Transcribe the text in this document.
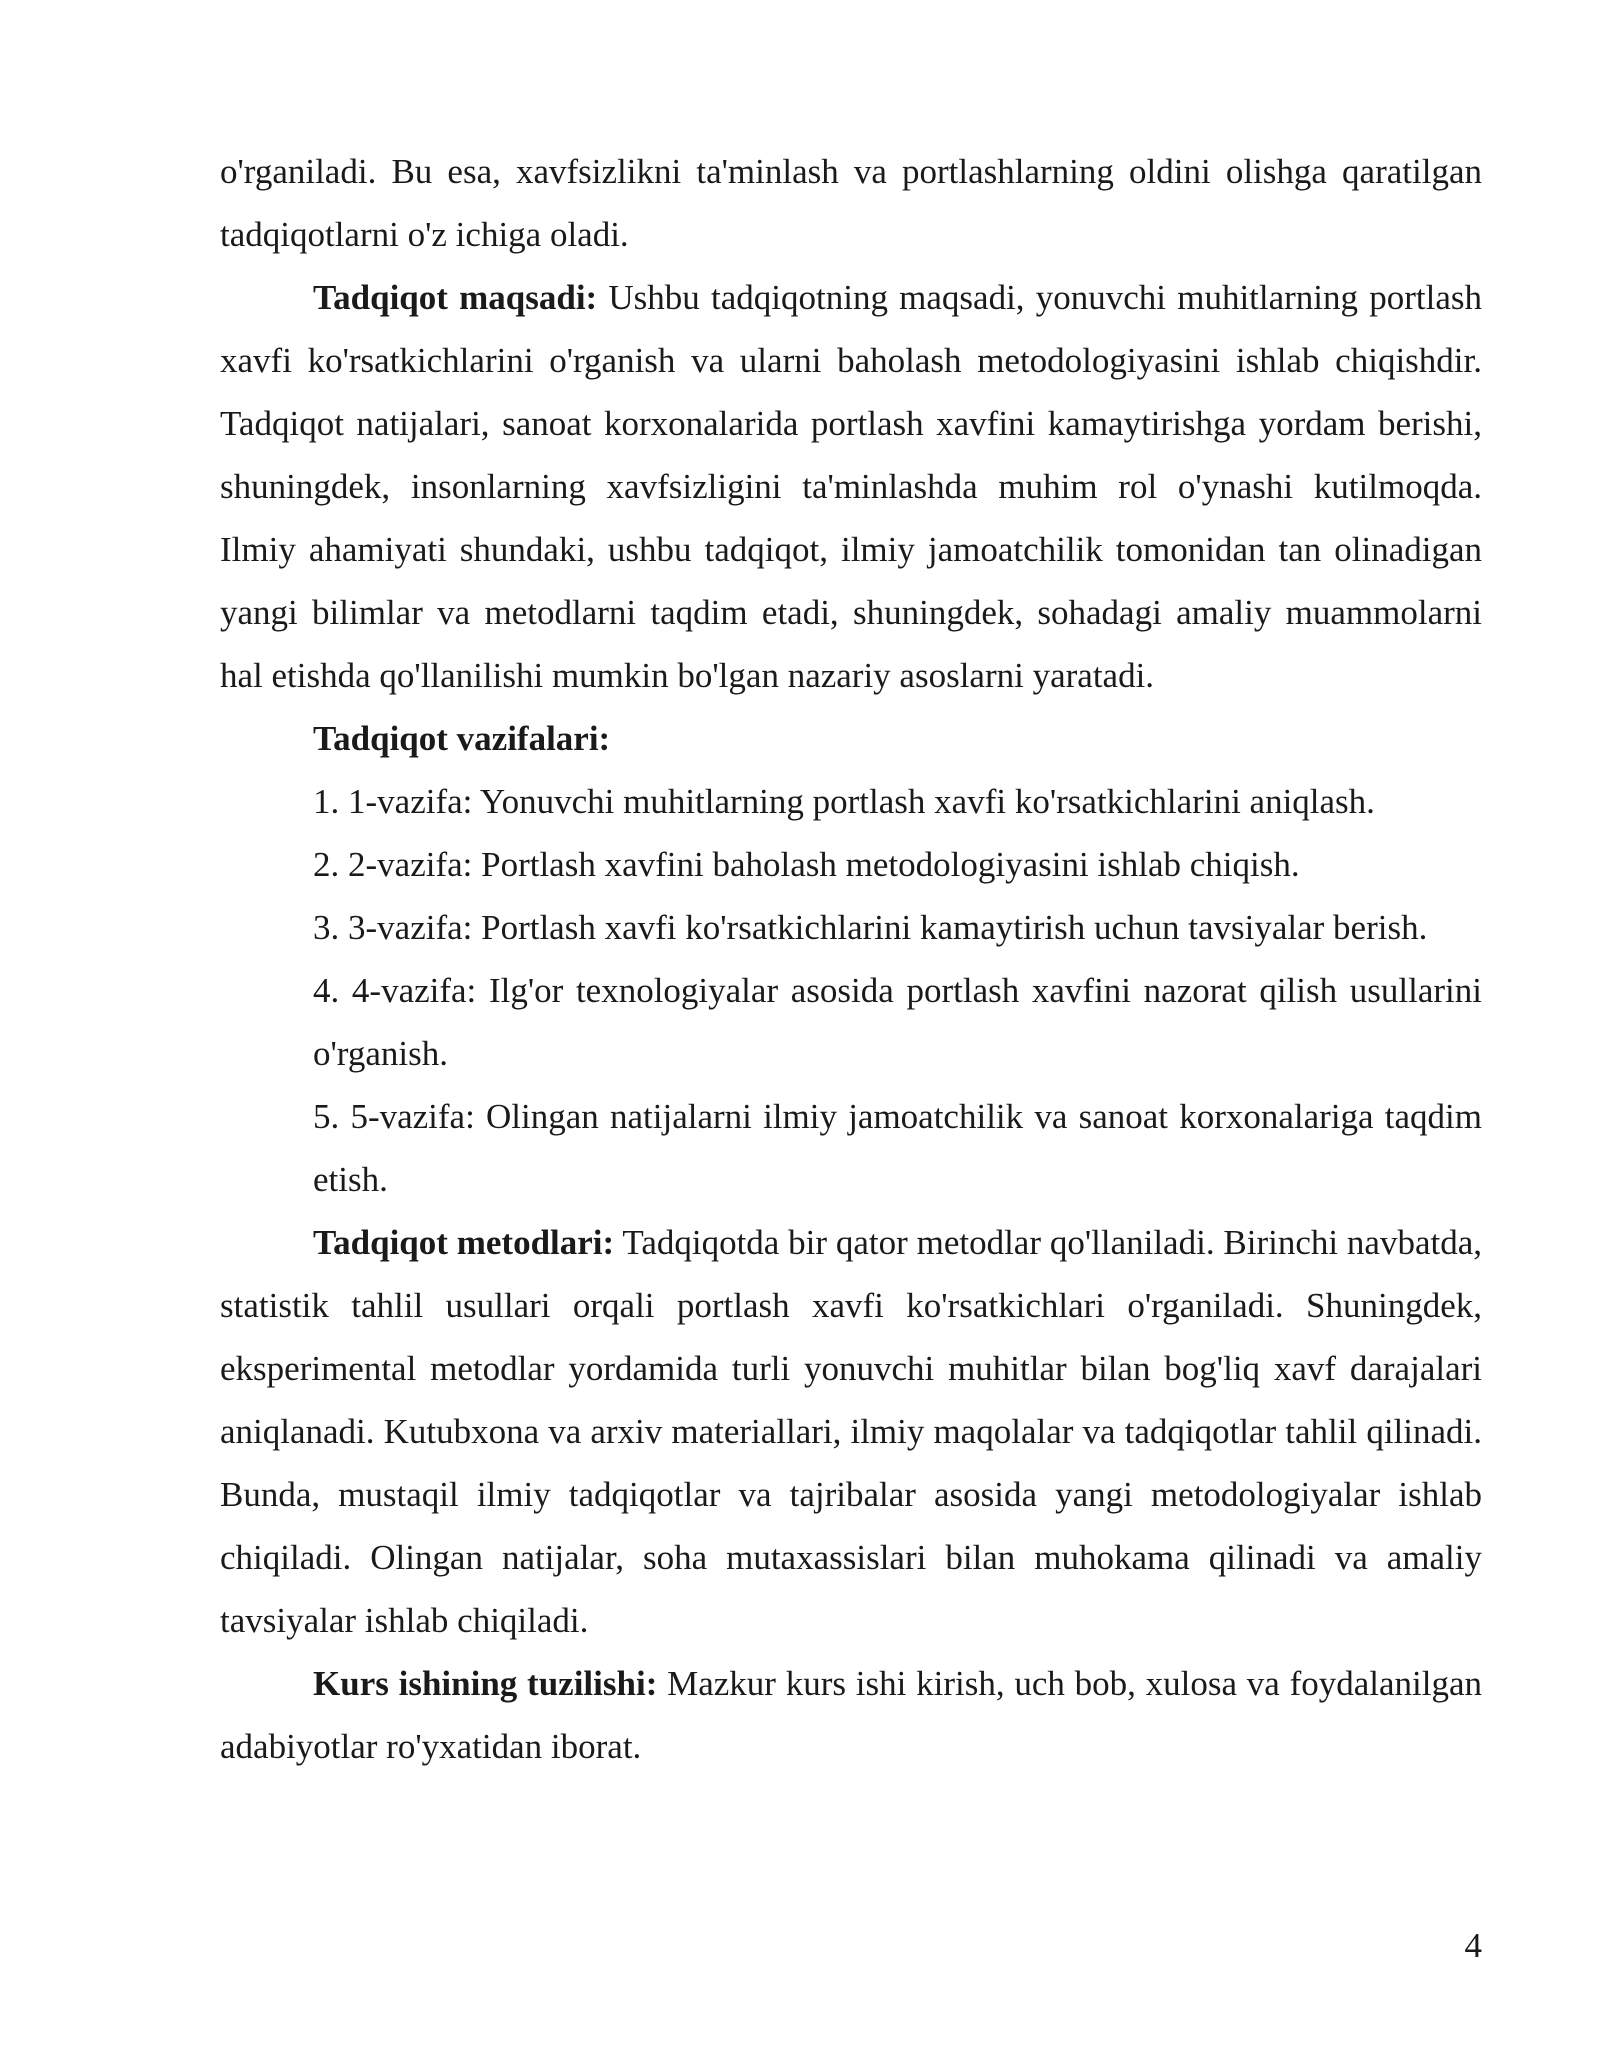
o'rganiladi. Bu esa, xavfsizlikni ta'minlash va portlashlarning oldini olishga qaratilgan tadqiqotlarni o'z ichiga oladi.

Tadqiqot maqsadi: Ushbu tadqiqotning maqsadi, yonuvchi muhitlarning portlash xavfi ko'rsatkichlarini o'rganish va ularni baholash metodologiyasini ishlab chiqishdir. Tadqiqot natijalari, sanoat korxonalarida portlash xavfini kamaytirishga yordam berishi, shuningdek, insonlarning xavfsizligini ta'minlashda muhim rol o'ynashi kutilmoqda. Ilmiy ahamiyati shundaki, ushbu tadqiqot, ilmiy jamoatchilik tomonidan tan olinadigan yangi bilimlar va metodlarni taqdim etadi, shuningdek, sohadagi amaliy muammolarni hal etishda qo'llanilishi mumkin bo'lgan nazariy asoslarni yaratadi.

Tadqiqot vazifalari:

1. 1-vazifa: Yonuvchi muhitlarning portlash xavfi ko'rsatkichlarini aniqlash.

2. 2-vazifa: Portlash xavfini baholash metodologiyasini ishlab chiqish.

3. 3-vazifa: Portlash xavfi ko'rsatkichlarini kamaytirish uchun tavsiyalar berish.

4. 4-vazifa: Ilg'or texnologiyalar asosida portlash xavfini nazorat qilish usullarini o'rganish.

5. 5-vazifa: Olingan natijalarni ilmiy jamoatchilik va sanoat korxonalariga taqdim etish.

Tadqiqot metodlari: Tadqiqotda bir qator metodlar qo'llaniladi. Birinchi navbatda, statistik tahlil usullari orqali portlash xavfi ko'rsatkichlari o'rganiladi. Shuningdek, eksperimental metodlar yordamida turli yonuvchi muhitlar bilan bog'liq xavf darajalari aniqlanadi. Kutubxona va arxiv materiallari, ilmiy maqolalar va tadqiqotlar tahlil qilinadi. Bunda, mustaqil ilmiy tadqiqotlar va tajribalar asosida yangi metodologiyalar ishlab chiqiladi. Olingan natijalar, soha mutaxassislari bilan muhokama qilinadi va amaliy tavsiyalar ishlab chiqiladi.

Kurs ishining tuzilishi: Mazkur kurs ishi kirish, uch bob, xulosa va foydalanilgan adabiyotlar ro'yxatidan iborat.

4
